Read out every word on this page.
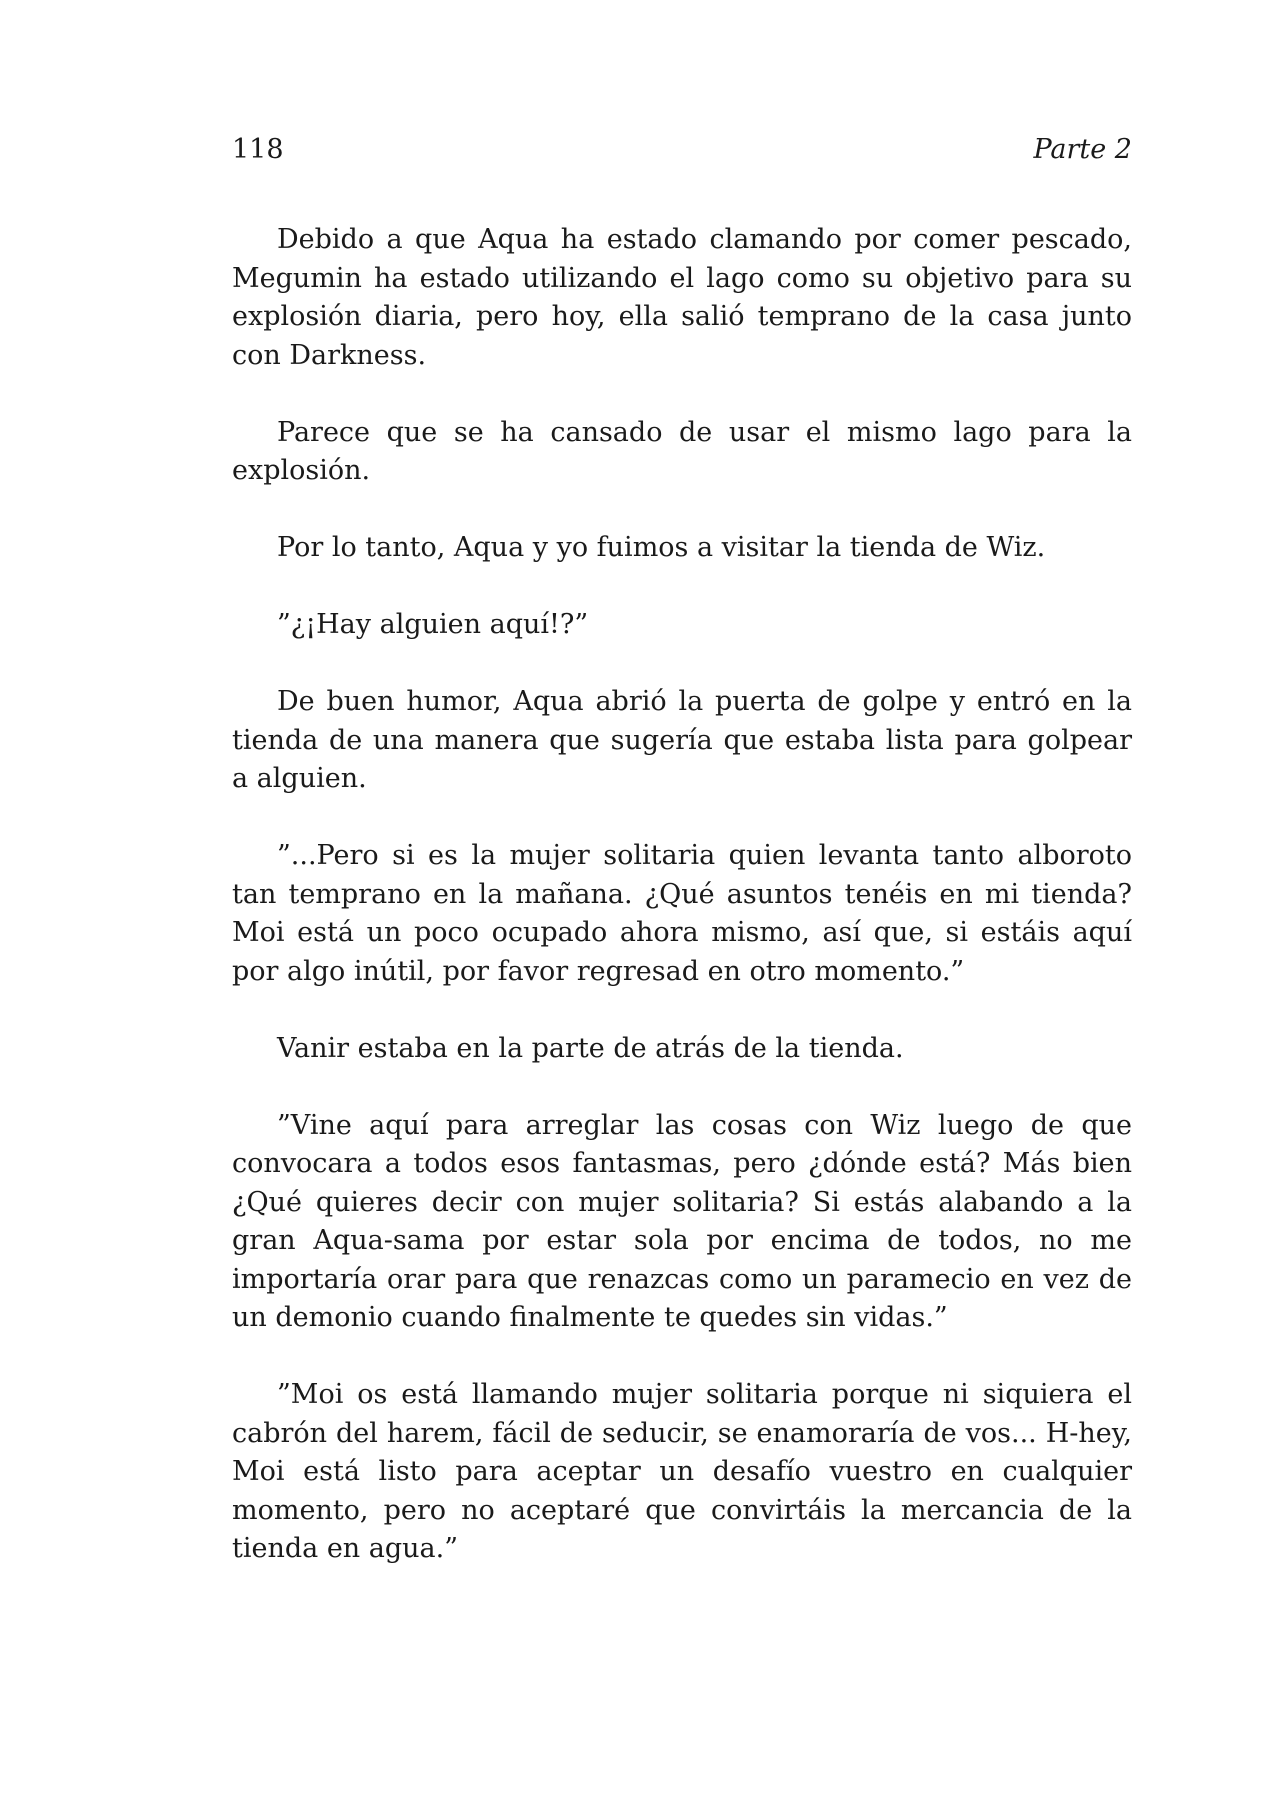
118	Parte 2

Debido a que Aqua ha estado clamando por comer pescado, Megumin ha estado utilizando el lago como su objetivo para su explosión diaria, pero hoy, ella salió temprano de la casa junto con Darkness.

Parece que se ha cansado de usar el mismo lago para la explosión.

Por lo tanto, Aqua y yo fuimos a visitar la tienda de Wiz.

”¿¡Hay alguien aquí!?”

De buen humor, Aqua abrió la puerta de golpe y entró en la tienda de una manera que sugería que estaba lista para golpear a alguien.

”...Pero si es la mujer solitaria quien levanta tanto alboroto tan temprano en la mañana. ¿Qué asuntos tenéis en mi tienda? Moi está un poco ocupado ahora mismo, así que, si estáis aquí por algo inútil, por favor regresad en otro momento.”

Vanir estaba en la parte de atrás de la tienda.

”Vine aquí para arreglar las cosas con Wiz luego de que convocara a todos esos fantasmas, pero ¿dónde está? Más bien ¿Qué quieres decir con mujer solitaria? Si estás alabando a la gran Aqua-sama por estar sola por encima de todos, no me importaría orar para que renazcas como un paramecio en vez de un demonio cuando finalmente te quedes sin vidas.”

”Moi os está llamando mujer solitaria porque ni siquiera el cabrón del harem, fácil de seducir, se enamoraría de vos... H-hey, Moi está listo para aceptar un desafío vuestro en cualquier momento, pero no aceptaré que convirtáis la mercancia de la tienda en agua.”
